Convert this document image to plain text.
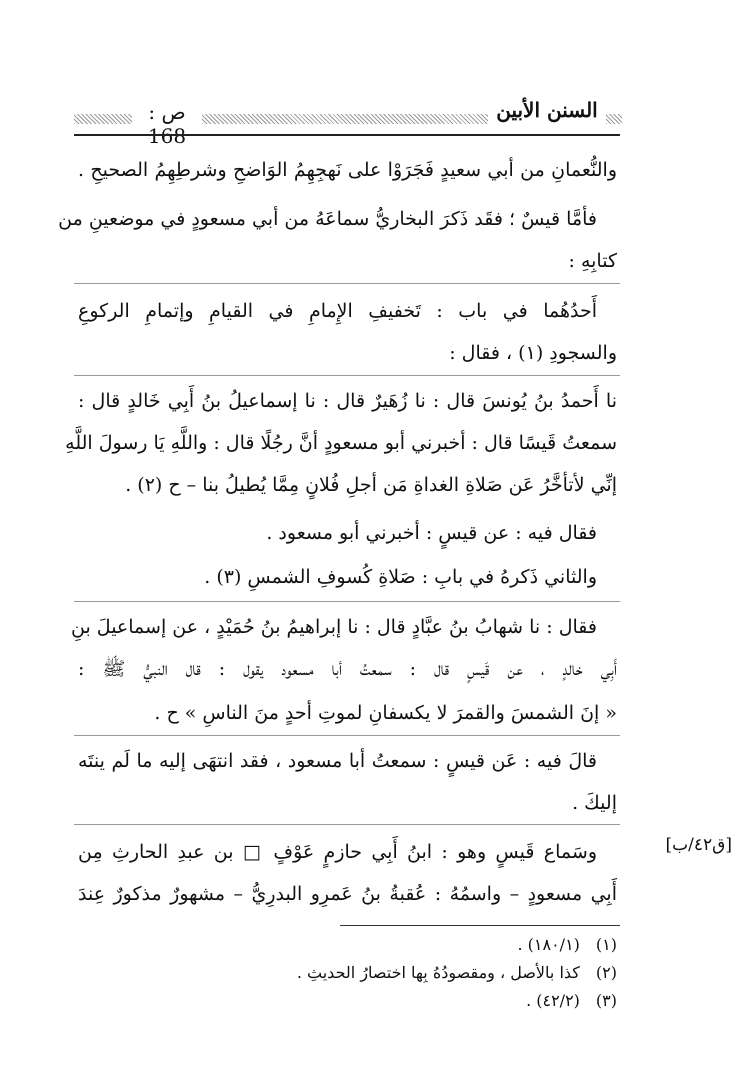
ص : 168
السنن الأبين
والنُّعمانِ من أبي سعيدٍ فَجَرَوْا على نَهجِهِمُ الوَاضحِ وشرطِهِمُ الصحيحِ .
فأمَّا قيسٌ ؛ فقَد ذَكرَ البخاريُّ سماعَهُ من أبي مسعودٍ في موضعينِ من
كتابِهِ :
أَحدُهُما في باب : تَخفيفِ الإِمامِ في القيامِ وإتمامِ الركوعِ
والسجودِ (١) ، فقال :
نا أَحمدُ بنُ يُونسَ قال : نا زُهَيرٌ قال : نا إسماعيلُ بنُ أَبِي خَالدٍ قال :
سمعتُ قَيسًا قال : أخبرني أبو مسعودٍ أنَّ رجُلًا قال : واللَّهِ يَا رسولَ اللَّهِ
إنِّي لأتأخَّرُ عَن صَلاةِ الغداةِ مَن أجلِ فُلانٍ مِمَّا يُطيلُ بنا – ح (٢) .
فقال فيه : عن قيسٍ : أخبرني أبو مسعود .
والثاني ذَكرهُ في بابِ : صَلاةِ كُسوفِ الشمسِ (٣) .
فقال : نا شهابُ بنُ عبَّادٍ قال : نا إبراهيمُ بنُ حُمَيْدٍ ، عن إسماعيلَ بنِ
أَبِي خالدٍ ، عن قَيسٍ قال : سمعتُ أبا مسعود يقول : قال النبيُّ ﷺ :
« إنَ الشمسَ والقمرَ لا يكسفانِ لموتِ أحدٍ منَ الناسِ » ح .
قالَ فيه : عَن قيسٍ : سمعتُ أبا مسعود ، فقد انتهَى إليه ما لَم ينتَه
إليكَ .
[ق٤٢/ب]
وسَماع قَيسٍ وهو : ابنُ أَبِي حازمٍ عَوْفٍ □ بن عبدِ الحارثِ مِن
أَبِي مسعودٍ – واسمُهُ : عُقبةُ بنُ عَمرِو البدرِيُّ – مشهورٌ مذكورٌ عِندَ
(١) (١٨٠/١) .
(٢) كذا بالأصل ، ومقصودُهُ بِها اختصارُ الحديثِ .
(٣) (٤٢/٢) .
